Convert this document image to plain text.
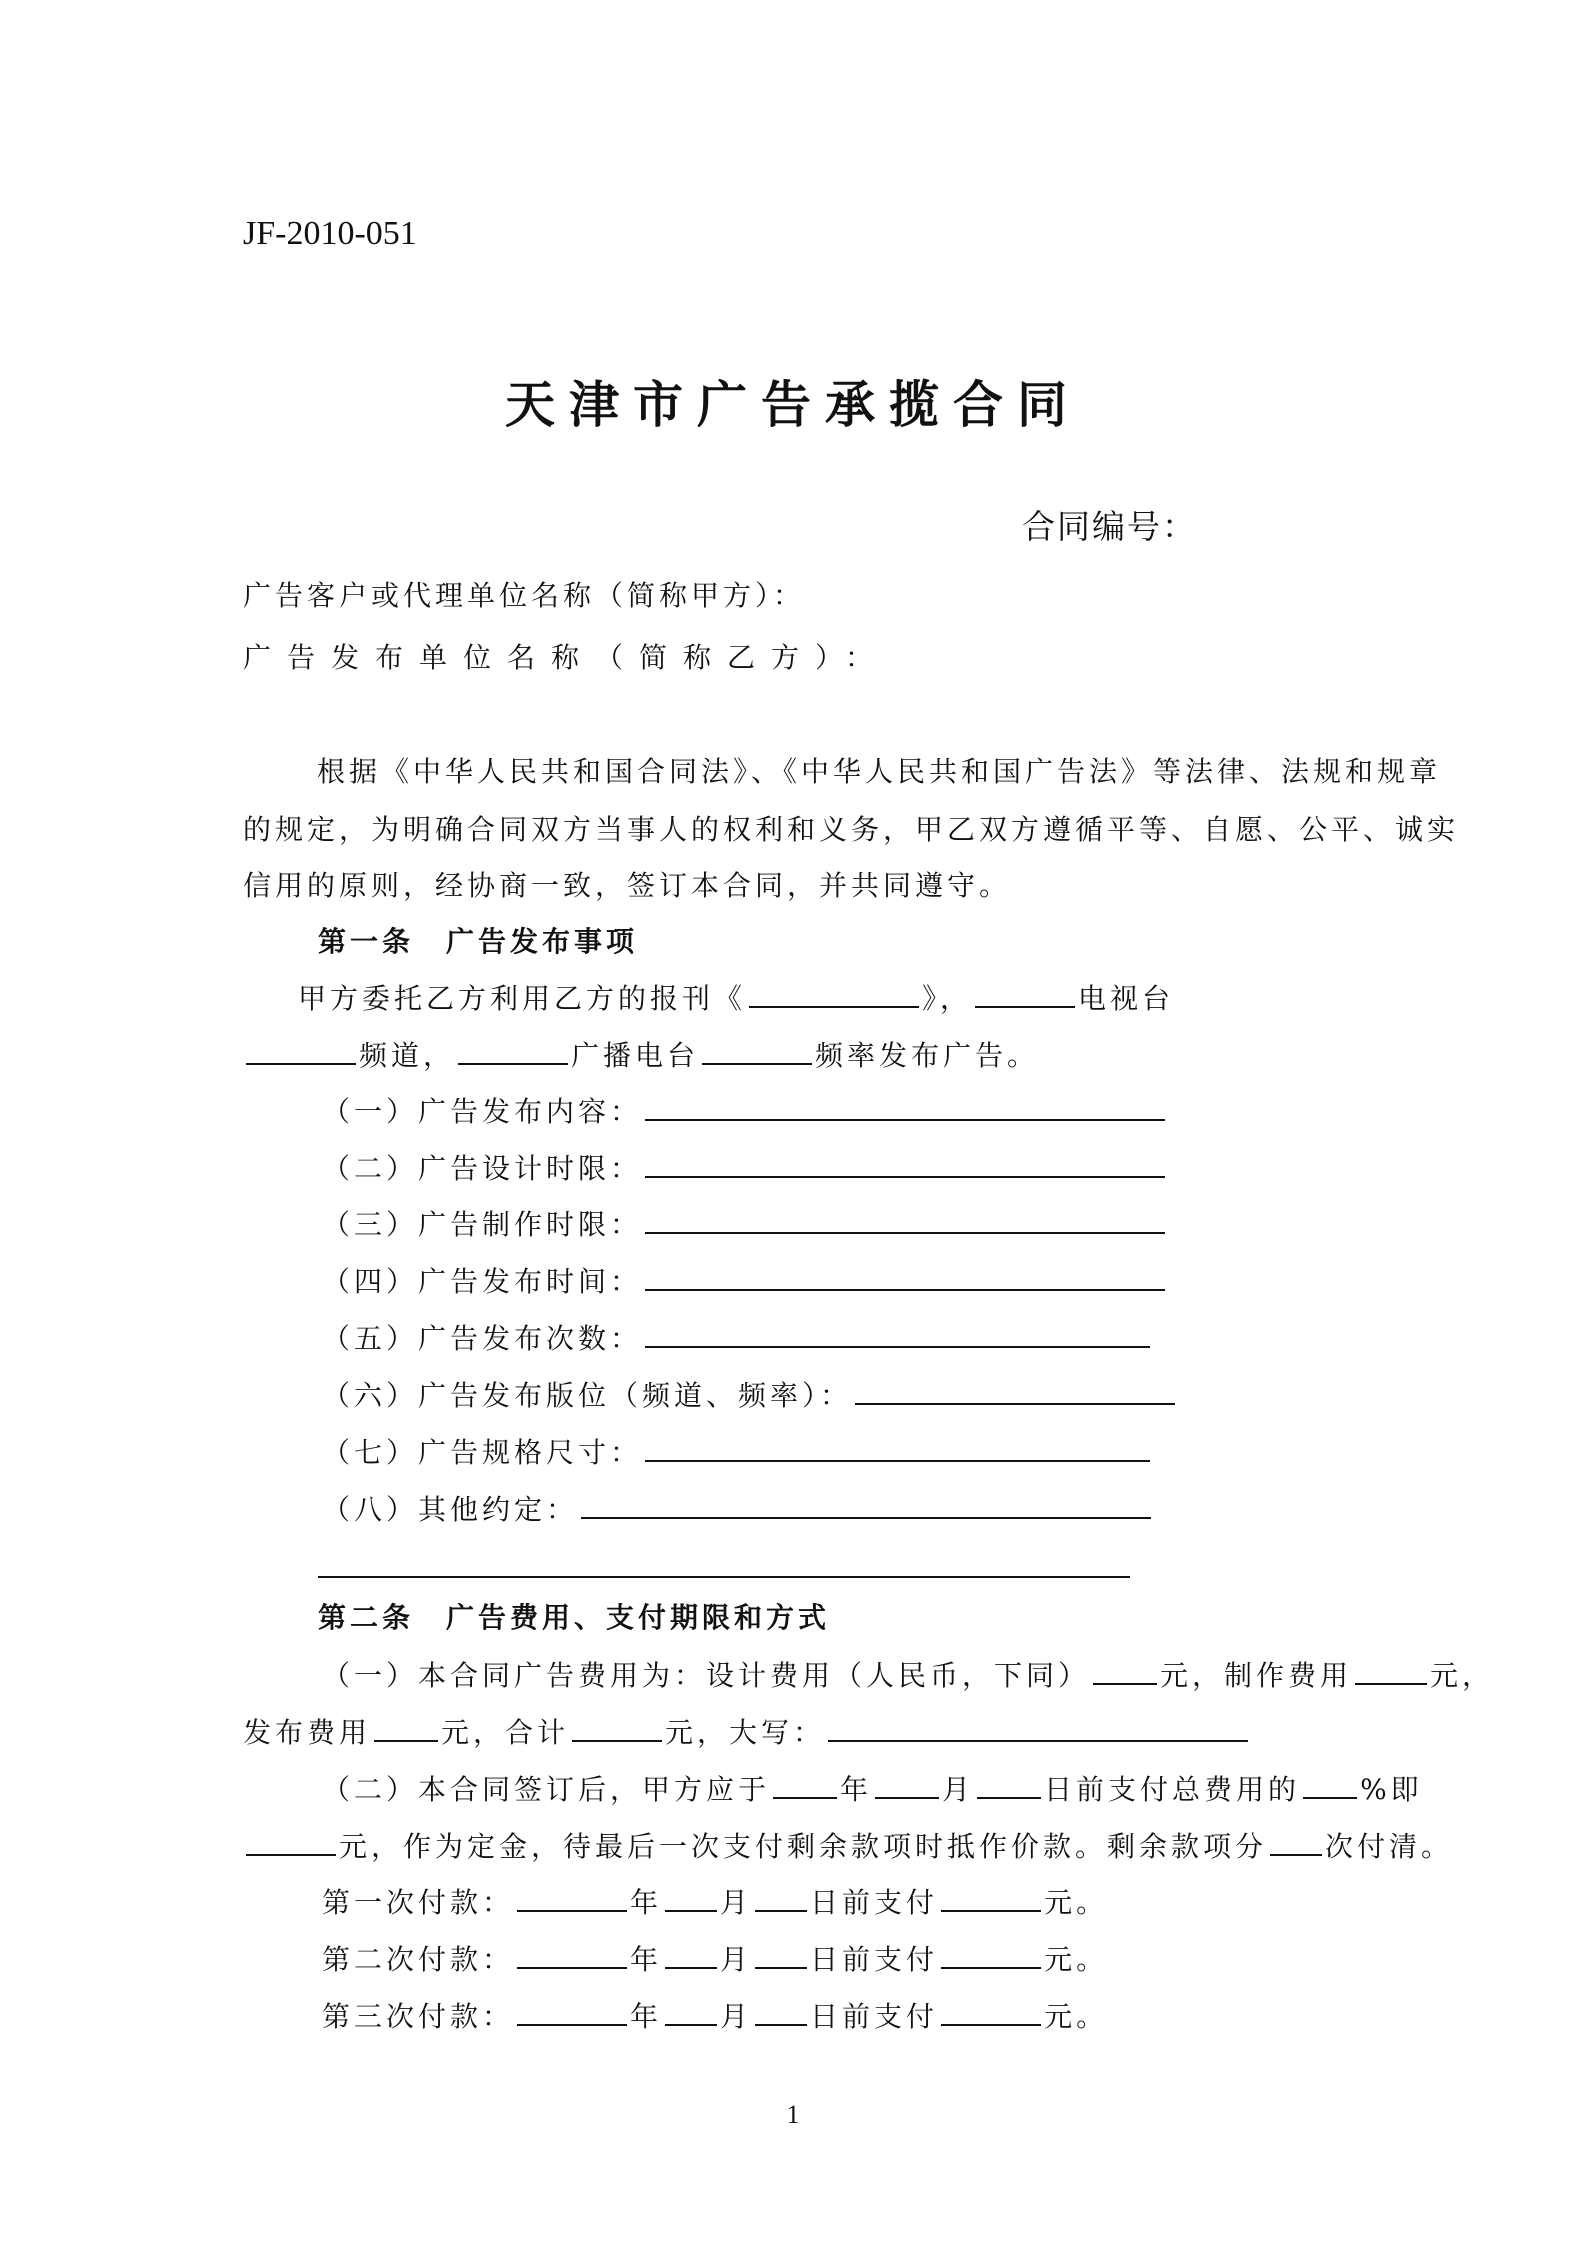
JF-2010-051
天津市广告承揽合同
合同编号：
广告客户或代理单位名称（简称甲方）：
广告发布单位名称（简称乙方）：
根据《中华人民共和国合同法》、《中华人民共和国广告法》等法律、法规和规章
的规定，为明确合同双方当事人的权利和义务，甲乙双方遵循平等、自愿、公平、诚实
信用的原则，经协商一致，签订本合同，并共同遵守。
第一条　广告发布事项
甲方委托乙方利用乙方的报刊《	》，	电视台
频道，	广播电台	频率发布广告。
（一）广告发布内容：
（二）广告设计时限：
（三）广告制作时限：
（四）广告发布时间：
（五）广告发布次数：
（六）广告发布版位（频道、频率）：
（七）广告规格尺寸：
（八）其他约定：
第二条　广告费用、支付期限和方式
（一）本合同广告费用为：设计费用（人民币，下同）	元，制作费用	元，
发布费用	元，合计	元，大写：
（二）本合同签订后，甲方应于	年	月	日前支付总费用的 %即
元，作为定金，待最后一次支付剩余款项时抵作价款。剩余款项分 次付清。
第一次付款：	年 月 日前支付	元。
第二次付款：	年 月 日前支付	元。
第三次付款：	年 月 日前支付	元。
1
